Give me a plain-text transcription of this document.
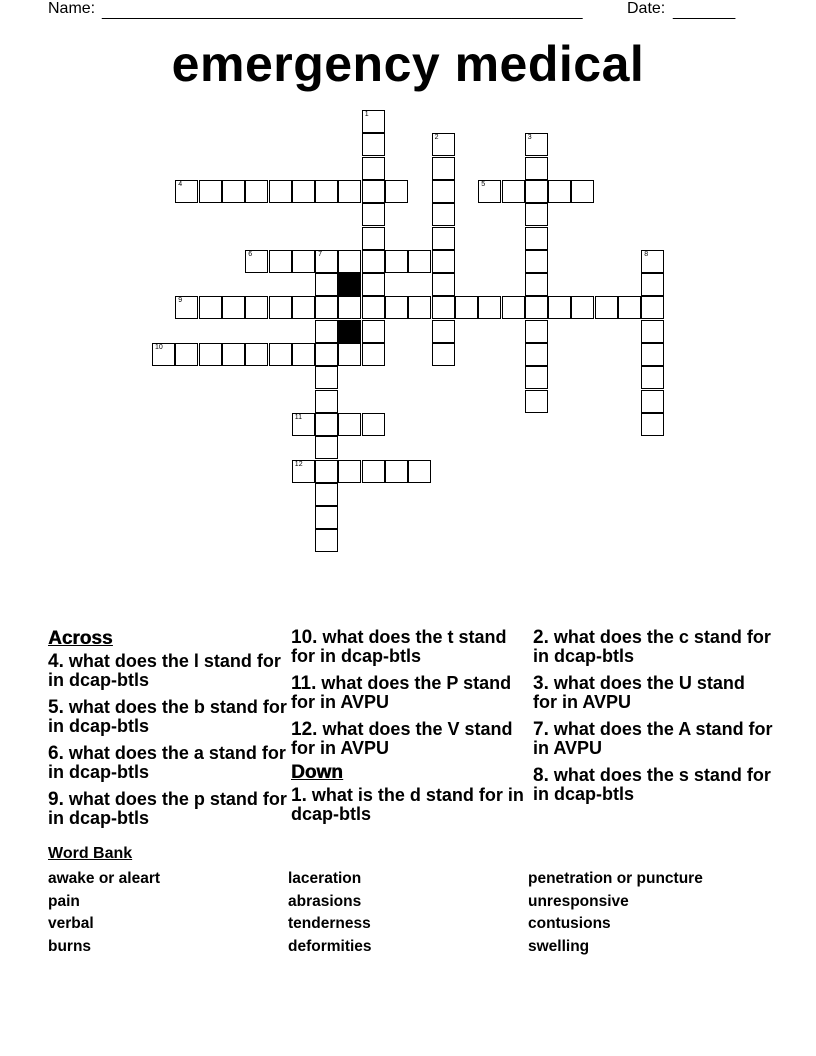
Name: ______________________________________________________	Date: _______
emergency medical
4	5
6	7
9
10
11
12
1
2	3
8
Across
4. what does the l stand for in dcap-btls
5. what does the b stand for in dcap-btls
6. what does the a stand for in dcap-btls
9. what does the p stand for in dcap-btls
10. what does the t stand for in dcap-btls
11. what does the P stand for in AVPU
12. what does the V stand for in AVPU
Down
1. what is the d stand for in dcap-btls
2. what does the c stand for in dcap-btls
3. what does the U stand for in AVPU
7. what does the A stand for in AVPU
8. what does the s stand for in dcap-btls
Word Bank
awake or aleart
pain
verbal
burns
laceration
abrasions
tenderness
deformities
penetration or puncture
unresponsive
contusions
swelling
